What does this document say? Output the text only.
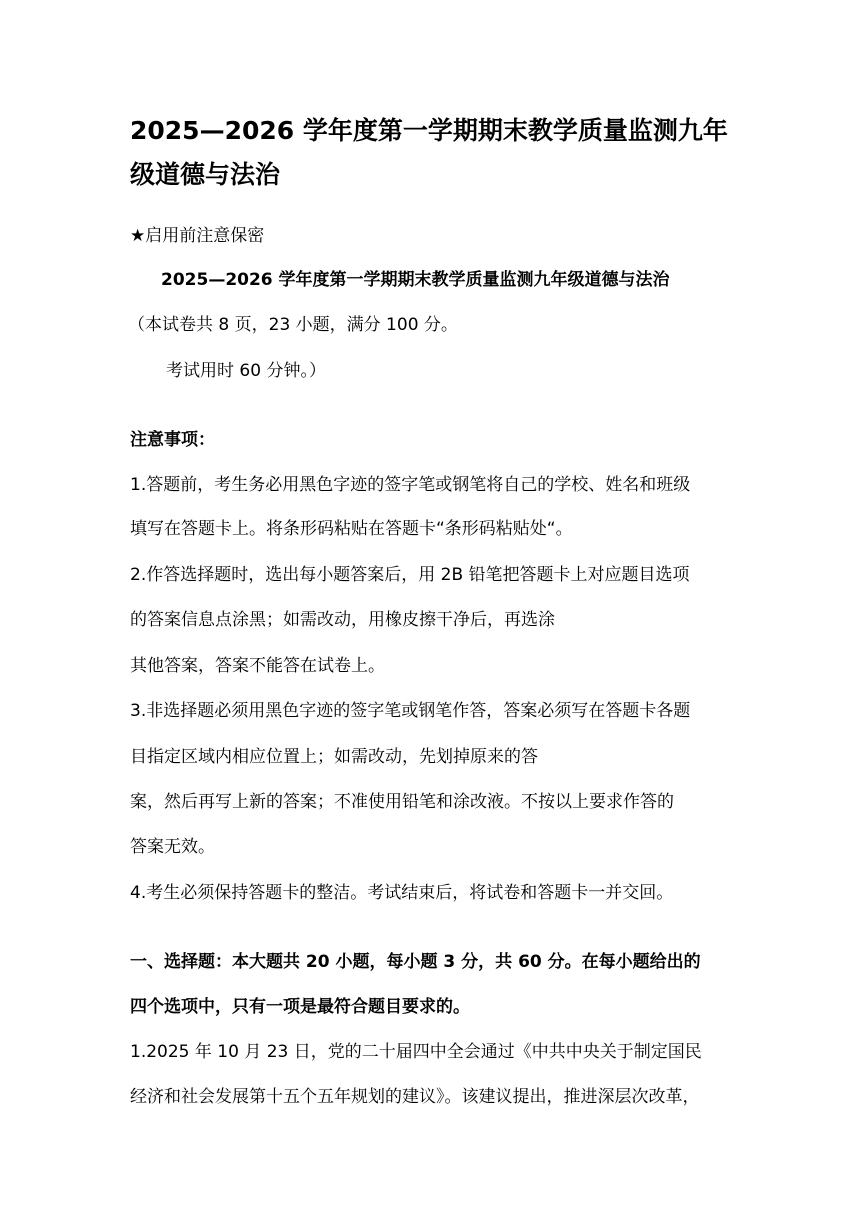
2025—2026 学年度第一学期期末教学质量监测九年
级道德与法治
★启用前注意保密
2025—2026 学年度第一学期期末教学质量监测九年级道德与法治
（本试卷共 8 页，23 小题，满分 100 分。
考试用时 60 分钟。）
注意事项：
1.答题前，考生务必用黑色字迹的签字笔或钢笔将自己的学校、姓名和班级
填写在答题卡上。将条形码粘贴在答题卡“条形码粘贴处“。
2.作答选择题时，选出每小题答案后，用 2B 铅笔把答题卡上对应题目选项
的答案信息点涂黑；如需改动，用橡皮擦干净后，再选涂
其他答案，答案不能答在试卷上。
3.非选择题必须用黑色字迹的签字笔或钢笔作答，答案必须写在答题卡各题
目指定区域内相应位置上；如需改动，先划掉原来的答
案，然后再写上新的答案；不准使用铅笔和涂改液。不按以上要求作答的
答案无效。
4.考生必须保持答题卡的整洁。考试结束后，将试卷和答题卡一并交回。
一、选择题：本大题共 20 小题，每小题 3 分，共 60 分。在每小题给出的
四个选项中，只有一项是最符合题目要求的。
1.2025 年 10 月 23 日，党的二十届四中全会通过《中共中央关于制定国民
经济和社会发展第十五个五年规划的建议》。该建议提出，推进深层次改革，
